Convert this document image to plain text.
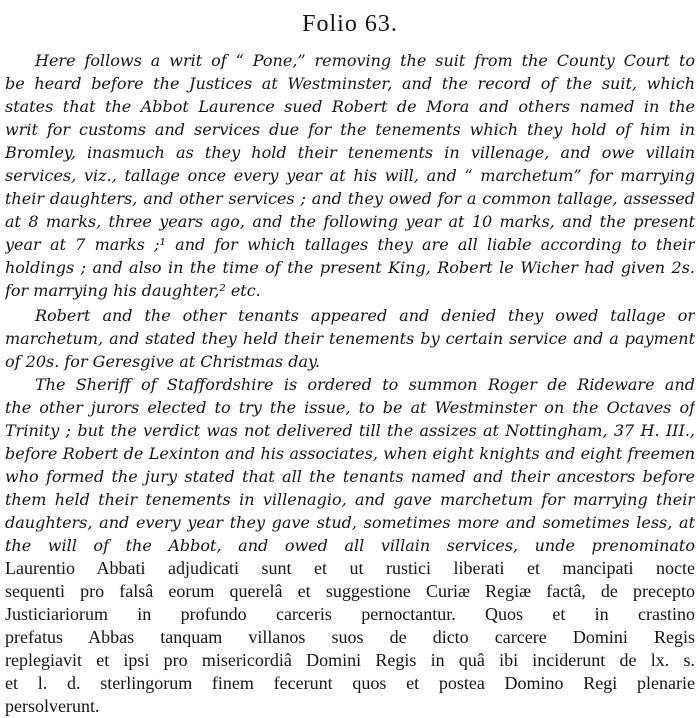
Folio 63.
Here follows a writ of “ Pone,” removing the suit from the County Court to
be heard before the Justices at Westminster, and the record of the suit, which
states that the Abbot Laurence sued Robert de Mora and others named in the
writ for customs and services due for the tenements which they hold of him in
Bromley, inasmuch as they hold their tenements in villenage, and owe villain
services, viz., tallage once every year at his will, and “ marchetum” for marrying
their daughters, and other services ; and they owed for a common tallage, assessed
at 8 marks, three years ago, and the following year at 10 marks, and the present
year at 7 marks ;¹ and for which tallages they are all liable according to their
holdings ; and also in the time of the present King, Robert le Wicher had given 2s.
for marrying his daughter,² etc.
Robert and the other tenants appeared and denied they owed tallage or
marchetum, and stated they held their tenements by certain service and a payment
of 20s. for Geresgive at Christmas day.
The Sheriff of Staffordshire is ordered to summon Roger de Rideware and
the other jurors elected to try the issue, to be at Westminster on the Octaves of
Trinity ; but the verdict was not delivered till the assizes at Nottingham, 37 H. III.,
before Robert de Lexinton and his associates, when eight knights and eight freemen
who formed the jury stated that all the tenants named and their ancestors before
them held their tenements in villenagio, and gave marchetum for marrying their
daughters, and every year they gave stud, sometimes more and sometimes less, at
the will of the Abbot, and owed all villain services, unde prenominato
Laurentio Abbati adjudicati sunt et ut rustici liberati et mancipati nocte
sequenti pro falsâ eorum querelâ et suggestione Curiæ Regiæ factâ, de precepto
Justiciariorum in profundo carceris pernoctantur. Quos et in crastino
prefatus Abbas tanquam villanos suos de dicto carcere Domini Regis
replegiavit et ipsi pro misericordiâ Domini Regis in quâ ibi inciderunt de lx. s.
et l. d. sterlingorum finem fecerunt quos et postea Domino Regi plenarie
persolverunt.
